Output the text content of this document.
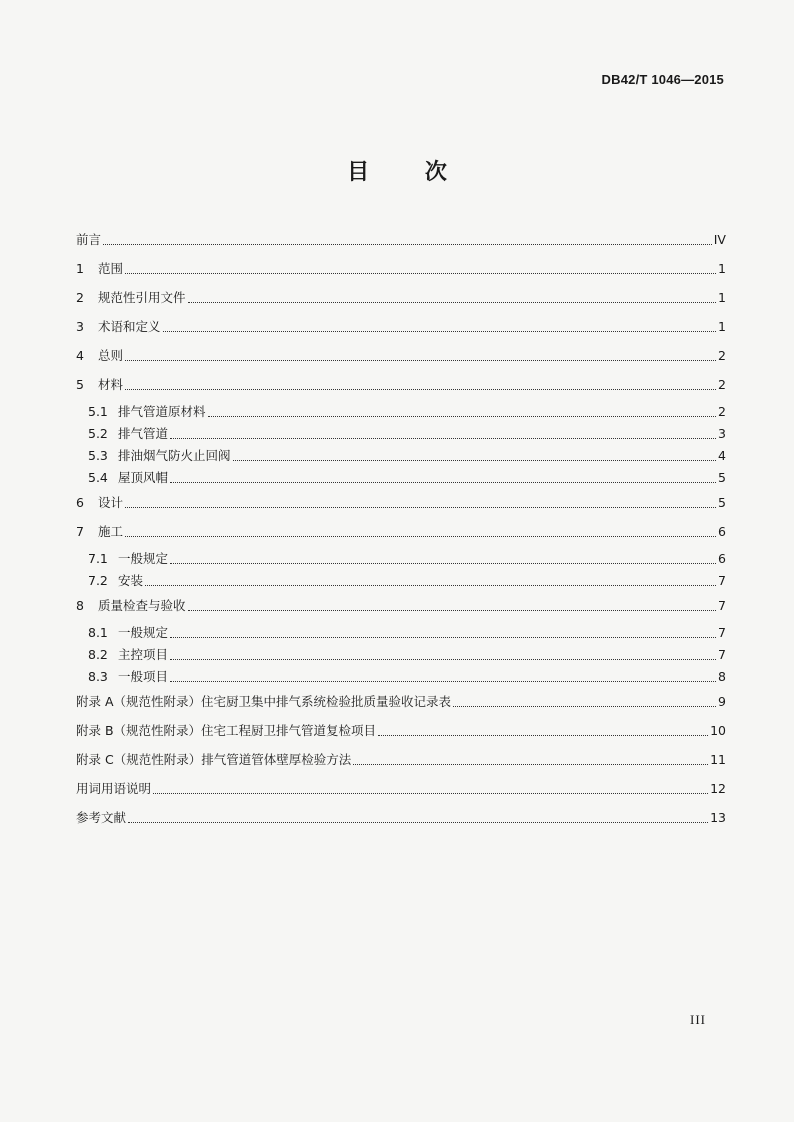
DB42/T 1046—2015
目 次
前言	IV
1	范围	1
2	规范性引用文件	1
3	术语和定义	1
4	总则	2
5	材料	2
5.1 排气管道原材料	2
5.2 排气管道	3
5.3 排油烟气防火止回阀	4
5.4 屋顶风帽	5
6	设计	5
7	施工	6
7.1 一般规定	6
7.2 安装	7
8	质量检查与验收	7
8.1 一般规定	7
8.2 主控项目	7
8.3 一般项目	8
附录 A（规范性附录）住宅厨卫集中排气系统检验批质量验收记录表	9
附录 B（规范性附录）住宅工程厨卫排气管道复检项目	10
附录 C（规范性附录）排气管道管体壁厚检验方法	11
用词用语说明	12
参考文献	13
III
